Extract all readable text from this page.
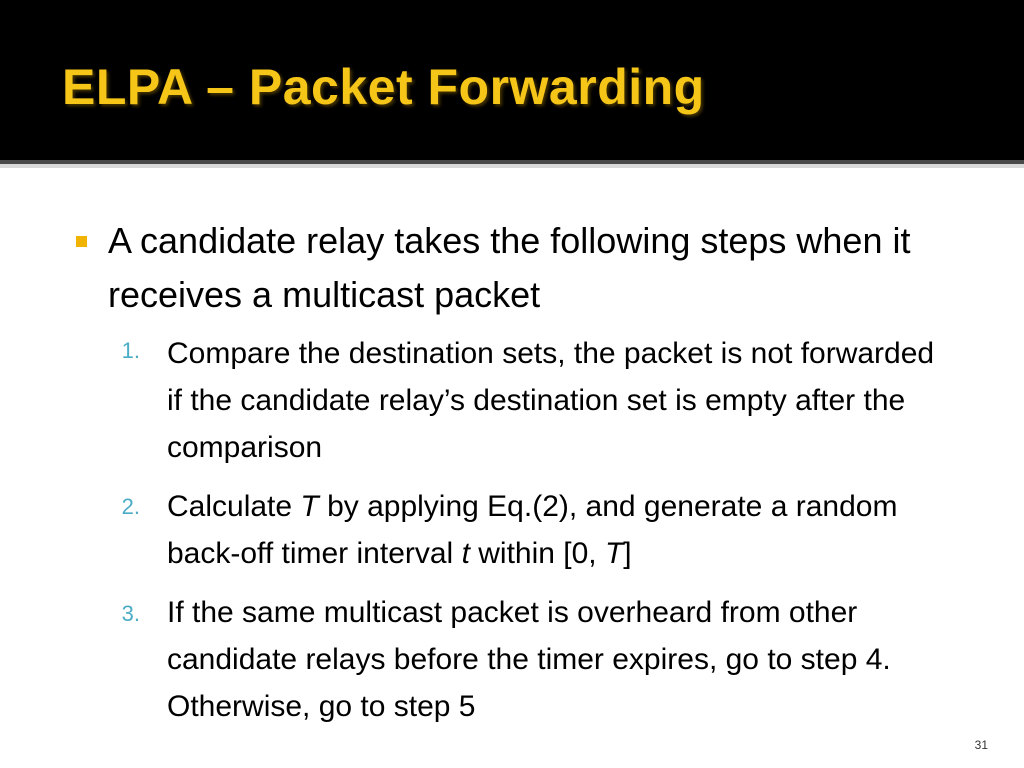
ELPA – Packet Forwarding
A candidate relay takes the following steps when it receives a multicast packet
1. Compare the destination sets, the packet is not forwarded if the candidate relay’s destination set is empty after the comparison
2. Calculate T by applying Eq.(2), and generate a random back-off timer interval t within [0, T]
3. If the same multicast packet is overheard from other candidate relays before the timer expires, go to step 4. Otherwise, go to step 5
31
